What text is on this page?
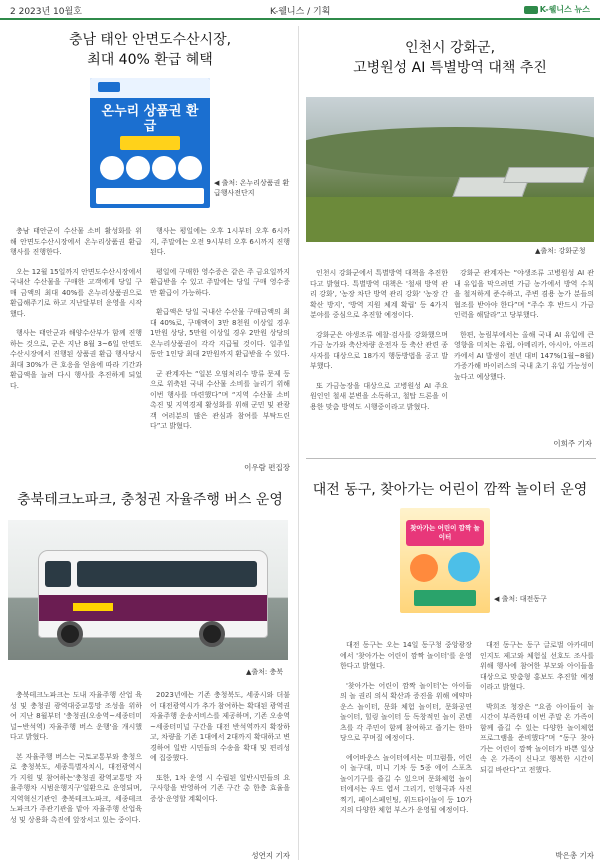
2 2023년 10월호	K-웰니스 / 기획	K-웰니스 뉴스
충남 태안 안면도수산시장,
최대 40% 환급 혜택
온누리 상품권 환급
◀ 출처: 온누리상품권 환급행사전단지

충남 태안군이 수산물 소비 활성화를 위해 안면도수산시장에서 온누리상품권 환급 행사를 진행한다.

오는 12월 15일까지 안면도수산시장에서 국내산 수산물을 구매한 고객에게 당일 구매 금액의 최대 40%를 온누리상품권으로 환급해주기로 하고 지난달부터 운영을 시작했다.

행사는 태안군과 해양수산부가 함께 진행하는 것으로, 군은 지난 8월 3~6일 안면도 수산시장에서 진행된 상품권 환급 행사당시 최대 30%가 큰 호응을 얻음에 따라 기간과 환급액을 늘려 다시 행사를 추진하게 되었다.

행사는 평일에는 오후 1시부터 오후 6시까지, 주말에는 오전 9시부터 오후 6시까지 진행된다.

평일에 구매한 영수증은 같은 주 금요일까지 환급받을 수 있고 주말에는 당일 구매 영수증만 환급이 가능하다.

환급액은 당일 국내산 수산물 구매금액의 최대 40%로, 구매액이 3만 8천원 이상일 경우 1만원 상당, 5만원 이상일 경우 2만원 상당의 온누리상품권이 각각 지급될 것이다. 일주일 동안 1인당 최대 2만원까지 환급받을 수 있다.

군 관계자는 “일본 오염처리수 방류 문제 등으로 위축된 국내 수산물 소비를 늘리기 위해 이번 행사를 마련했다”며 “지역 수산물 소비 촉진 및 지역경제 활성화를 위해 군민 및 관광객 여러분의 많은 관심과 참여를 부탁드린다”고 밝혔다.

이우람 편집장
인천시 강화군,
고병원성 AI 특별방역 대책 추진
▲출처: 강화군청

인천시 강화군에서 특별방역 대책을 추진한다고 밝혔다. 특별방역 대책은 '철새 방역 관리 강화', '농장 차단 방역 관리 강화' '농장 간 확산 방지', '방역 지원 체계 확립' 등 4가지 분야를 중심으로 추진할 예정이다.

강화군은 야생조류 예찰·검사를 강화했으며 가금 농가와 축산차량 운전자 등 축산 관련 종사자를 대상으로 18가지 행동방법을 공고 발부했다.

또 가금농장을 대상으로 고병원성 AI 주요 원인인 철새 분변을 소독하고, 철탑 드론을 이용한 맞춤 방역도 시행중이라고 밝혔다.

강화군 관계자는 “야생조류 고병원성 AI 관내 유입을 막으려면 가금 농가에서 방역 수칙을 철저하게 준수하고, 주변 겸용 농가 분들의 협조를 받아야 한다”며 “주수 후 반드시 가금 인력을 해달라”고 당부했다.

한편, 농림부에서는 올해 국내 AI 유입에 큰 영향을 미치는 유럽, 아메리카, 아시아, 아프리카에서 AI 발생이 전년 대비 147%(1월~8월) 가증가해 바이러스의 국내 초기 유입 가능성이 높다고 예상했다.

이희주 기자
충북테크노파크, 충청권 자율주행 버스 운영
▲출처: 충북

충북테크노파크는 도내 자율주행 산업 육성 및 충청권 광역대중교통망 조성을 위하여 지난 8월부터 '충청권(오송역~세종터미널~반석역) 자율주행 버스 운행'을 개시했다고 밝혔다.

본 자율주행 버스는 국토교통부와 충청으로 충청북도, 세종특별자치시, 대전광역시가 지원 및 참여하는'충청권 광역교통망 자율주행차 시범운행지구'일환으로 운영되며, 지역혁신기관인 충북테크노파크, 세종테크노파크가 주관기관을 맡아 자율주행 산업육성 및 상용화 촉진에 앞장서고 있는 중이다.

2023년에는 기존 충청북도, 세종시와 더불어 대전광역시가 추가 참여하는 확대된 광역권 자율주행 운송서비스를 제공하며, 기존 오송역~세종터미널 구간을 대전 반석역까지 확장하고, 차량을 기존 1대에서 2대까지 확대하고 변경하여 일반 시민들의 수송을 확대 및 편리성에 집중했다.

또한, 1차 운영 시 수립된 일반시민들의 요구사항을 반영하여 기존 구간 총 한층 효율을 증상·운영할 계획이다.

성연지 기자
대전 동구, 찾아가는 어린이 깜짝 놀이터 운영
찾아가는 어린이 깜짝 놀이터
◀ 출처: 대전동구

대전 동구는 오는 14일 동구청 중앙광장에서 '찾아가는 어린이 깜짝 놀이터'를 운영한다고 밝혔다.

'찾아가는 어린이 깜짝 놀이터'는 아이들의 놀 권리 의식 확산과 증진을 위해 예약마운스 놀이터, 문화 체험 놀이터, 문화공연 놀이터, 힐링 놀이터 등 독창적인 놀이 콘텐츠를 각 주민이 함께 참여하고 즐기는 한마당으로 꾸며질 예정이다.

에어바운스 놀이터에서는 미끄럼틀, 어린이 놀구대, 미니 기차 등 5종 에어 스포츠 놀이기구를 즐길 수 있으며 문화체험 놀이터에서는 우드 엽서 그리기, 인형극과 사진찍기, 페이스페인팅, 위드타이놀이 등 10가지의 다양한 체험 부스가 운영될 예정이다.

대전 동구는 동구 글로벌 아카데미 인지도 제고와 체험실 선호도 조사를 위해 행사에 참여한 부모와 아이들을 대상으로 맞춤형 홍보도 추진할 예정이라고 밝혔다.

박희조 청장은 “요즘 아이들이 놀 시간이 부족한데 이번 주말 온 가족이 함께 즐길 수 있는 다양한 놀이체험 프로그램을 준비했다”며 “동구 찾아가는 어린이 깜짝 놀이터가 바쁜 일상 속 온 가족이 신나고 행복한 시간이 되길 바란다”고 전했다.

박은총 기자
